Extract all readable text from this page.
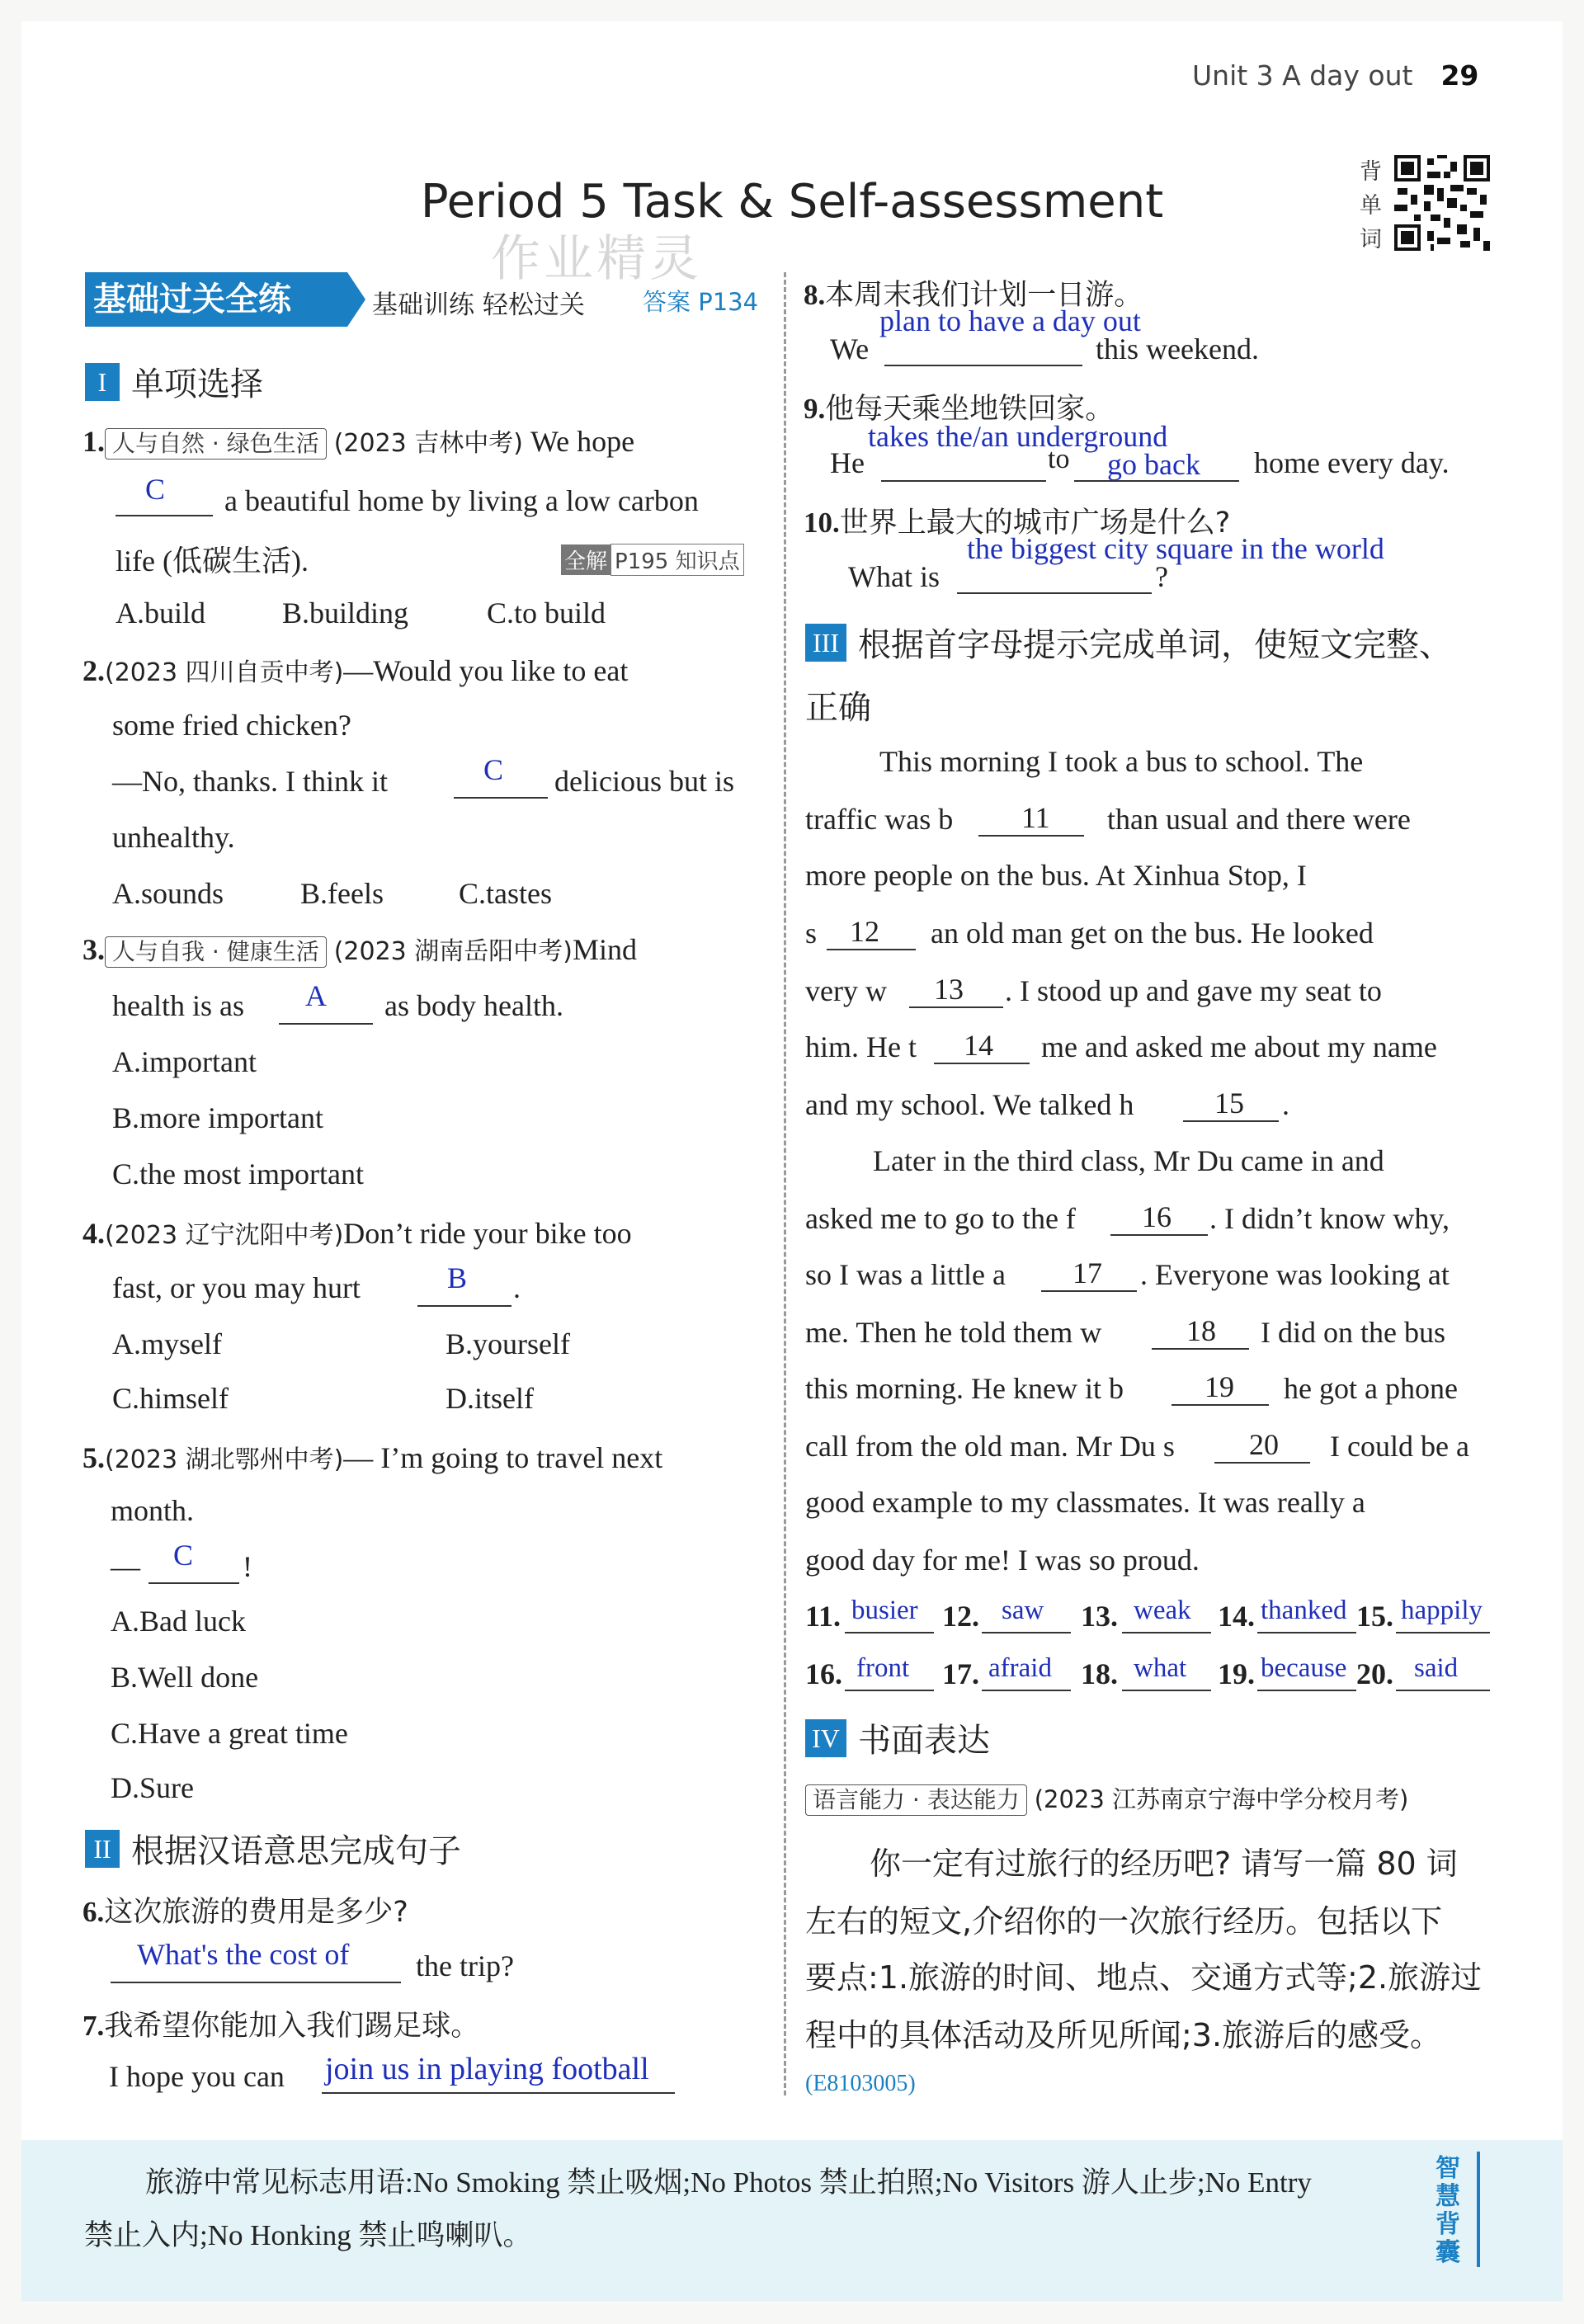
Unit 3 A day out 29
背单词
Period 5 Task & Self-assessment
作业精灵
基础过关全练	基础训练 轻松过关 答案 P134
I 单项选择
1. 人与自然 · 绿色生活 (2023 吉林中考) We hope
C a beautiful home by living a low carbon
life (低碳生活).	全解 P195 知识点
A.build	B.building	C.to build
2.(2023 四川自贡中考)—Would you like to eat
some fried chicken?
—No, thanks. I think it	C delicious but is
unhealthy.
A.sounds	B.feels	C.tastes
3. 人与自我 · 健康生活 (2023 湖南岳阳中考)Mind
health is as A as body health.
A.important
B.more important
C.the most important
4.(2023 辽宁沈阳中考)Don’t ride your bike too
fast, or you may hurt	B .
A.myself	B.yourself
C.himself	D.itself
5.(2023 湖北鄂州中考)— I’m going to travel next
month.
— C !
A.Bad luck
B.Well done
C.Have a great time
D.Sure
II 根据汉语意思完成句子
6.这次旅游的费用是多少?
What's the cost of the trip?
7.我希望你能加入我们踢足球。
I hope you can join us in playing football
8.本周末我们计划一日游。
We
plan to have a day out
this weekend.
9.他每天乘坐地铁回家。
He
takes the/an underground
to go back home every day.
10.世界上最大的城市广场是什么?
What is
the biggest city square in the world
?
III 根据首字母提示完成单词，使短文完整、
正确
This morning I took a bus to school. The
traffic was b 11 than usual and there were
more people on the bus. At Xinhua Stop, I
s 12 an old man get on the bus. He looked
very w 13 . I stood up and gave my seat to
him. He t 14 me and asked me about my name
and my school. We talked h	15 .
Later in the third class, Mr Du came in and
asked me to go to the f 16 . I didn’t know why,
so I was a little a 17 . Everyone was looking at
me. Then he told them w	18 I did on the bus
this morning. He knew it b	19 he got a phone
call from the old man. Mr Du s	20 I could be a
good example to my classmates. It was really a
good day for me! I was so proud.
11. busier 12. saw 13. weak 14. thanked 15. happily
16. front 17. afraid 18. what 19. because 20. said
IV 书面表达
语言能力 · 表达能力 (2023 江苏南京宁海中学分校月考)
你一定有过旅行的经历吧? 请写一篇 80 词
左右的短文,介绍你的一次旅行经历。包括以下
要点:1.旅游的时间、地点、交通方式等;2.旅游过
程中的具体活动及所见所闻;3.旅游后的感受。
(E8103005)
旅游中常见标志用语:No Smoking 禁止吸烟;No Photos 禁止拍照;No Visitors 游人止步;No Entry
禁止入内;No Honking 禁止鸣喇叭。
智慧背囊
